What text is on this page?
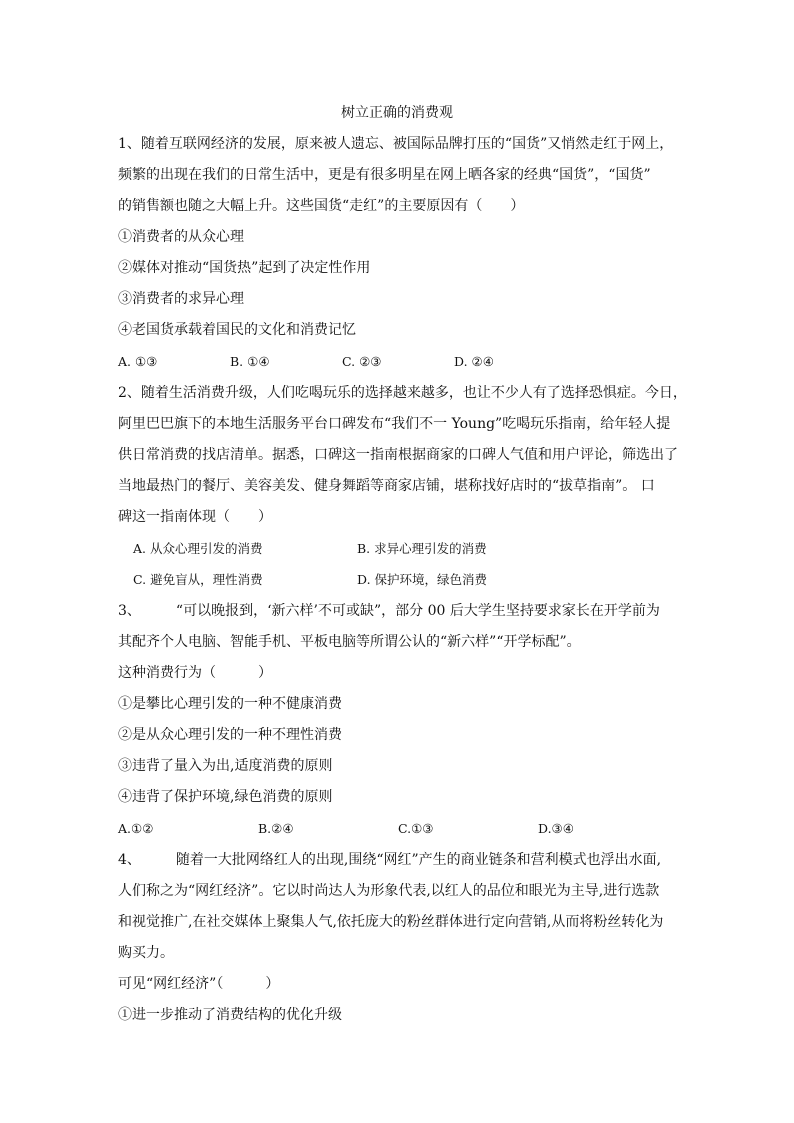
树立正确的消费观
1、随着互联网经济的发展，原来被人遗忘、被国际品牌打压的“国货”又悄然走红于网上，
频繁的出现在我们的日常生活中，更是有很多明星在网上晒各家的经典“国货”，“国货”
的销售额也随之大幅上升。这些国货“走红”的主要原因有（　　）
①消费者的从众心理
②媒体对推动“国货热”起到了决定性作用
③消费者的求异心理
④老国货承载着国民的文化和消费记忆
A. ①③	B. ①④	C. ②③	D. ②④
2、随着生活消费升级，人们吃喝玩乐的选择越来越多，也让不少人有了选择恐惧症。今日，
阿里巴巴旗下的本地生活服务平台口碑发布“我们不一 Young”吃喝玩乐指南，给年轻人提
供日常消费的找店清单。据悉，口碑这一指南根据商家的口碑人气值和用户评论，筛选出了
当地最热门的餐厅、美容美发、健身舞蹈等商家店铺，堪称找好店时的“拔草指南”。 口
碑这一指南体现（　　）
A. 从众心理引发的消费	B. 求异心理引发的消费
C. 避免盲从，理性消费	D. 保护环境，绿色消费
3、　　　“可以晚报到，‘新六样’不可或缺”，部分 00 后大学生坚持要求家长在开学前为
其配齐个人电脑、智能手机、平板电脑等所谓公认的“新六样”“开学标配”。
这种消费行为（　　　）
①是攀比心理引发的一种不健康消费
②是从众心理引发的一种不理性消费
③违背了量入为出,适度消费的原则
④违背了保护环境,绿色消费的原则
A.①②	B.②④	C.①③	D.③④
4、　　　随着一大批网络红人的出现,围绕“网红”产生的商业链条和营利模式也浮出水面,
人们称之为“网红经济”。它以时尚达人为形象代表,以红人的品位和眼光为主导,进行选款
和视觉推广,在社交媒体上聚集人气,依托庞大的粉丝群体进行定向营销,从而将粉丝转化为
购买力。
可见“网红经济”（　　　）
①进一步推动了消费结构的优化升级
